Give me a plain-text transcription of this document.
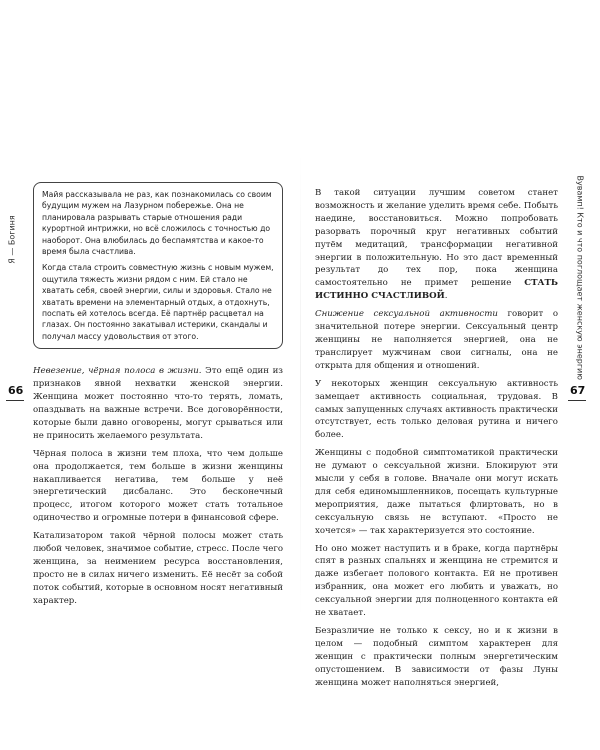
Я — Богиня
66

Майя рассказывала не раз, как познакомилась со своим будущим мужем на Лазурном побережье. Она не планировала разрывать старые отношения ради курортной интрижки, но всё сложилось с точностью до наоборот. Она влюбилась до беспамятства и какое-то время была счастлива.

Когда стала строить совместную жизнь с новым мужем, ощутила тяжесть жизни рядом с ним. Ей стало не хватать себя, своей энергии, силы и здоровья. Стало не хватать времени на элементарный отдых, а отдохнуть, поспать ей хотелось всегда. Её партнёр расцветал на глазах. Он постоянно закатывал истерики, скандалы и получал массу удовольствия от этого.

Невезение, чёрная полоса в жизни. Это ещё один из признаков явной нехватки женской энергии. Женщина может постоянно что-то терять, ломать, опаздывать на важные встречи. Все договорённости, которые были давно оговорены, могут срываться или не приносить желаемого результата.

Чёрная полоса в жизни тем плоха, что чем дольше она продолжается, тем больше в жизни женщины накапливается негатива, тем больше у неё энергетический дисбаланс. Это бесконечный процесс, итогом которого может стать тотальное одиночество и огромные потери в финансовой сфере.

Катализатором такой чёрной полосы может стать любой человек, значимое событие, стресс. После чего женщина, за неимением ресурса восстановления, просто не в силах ничего изменить. Её несёт за собой поток событий, которые в основном носят негативный характер.

Вувамп! Кто и что поглощает женскую энергию
67

В такой ситуации лучшим советом станет возможность и желание уделить время себе. Побыть наедине, восстановиться. Можно попробовать разорвать порочный круг негативных событий путём медитаций, трансформации негативной энергии в положительную. Но это даст временный результат до тех пор, пока женщина самостоятельно не примет решение СТАТЬ ИСТИННО СЧАСТЛИВОЙ.

Снижение сексуальной активности говорит о значительной потере энергии. Сексуальный центр женщины не наполняется энергией, она не транслирует мужчинам свои сигналы, она не открыта для общения и отношений.

У некоторых женщин сексуальную активность замещает активность социальная, трудовая. В самых запущенных случаях активность практически отсутствует, есть только деловая рутина и ничего более.

Женщины с подобной симптоматикой практически не думают о сексуальной жизни. Блокируют эти мысли у себя в голове. Вначале они могут искать для себя единомышленников, посещать культурные мероприятия, даже пытаться флиртовать, но в сексуальную связь не вступают. «Просто не хочется» — так характеризуется это состояние.

Но оно может наступить и в браке, когда партнёры спят в разных спальнях и женщина не стремится и даже избегает полового контакта. Ей не противен избранник, она может его любить и уважать, но сексуальной энергии для полноценного контакта ей не хватает.

Безразличие не только к сексу, но и к жизни в целом — подобный симптом характерен для женщин с практически полным энергетическим опустошением. В зависимости от фазы Луны женщина может наполняться энергией,
